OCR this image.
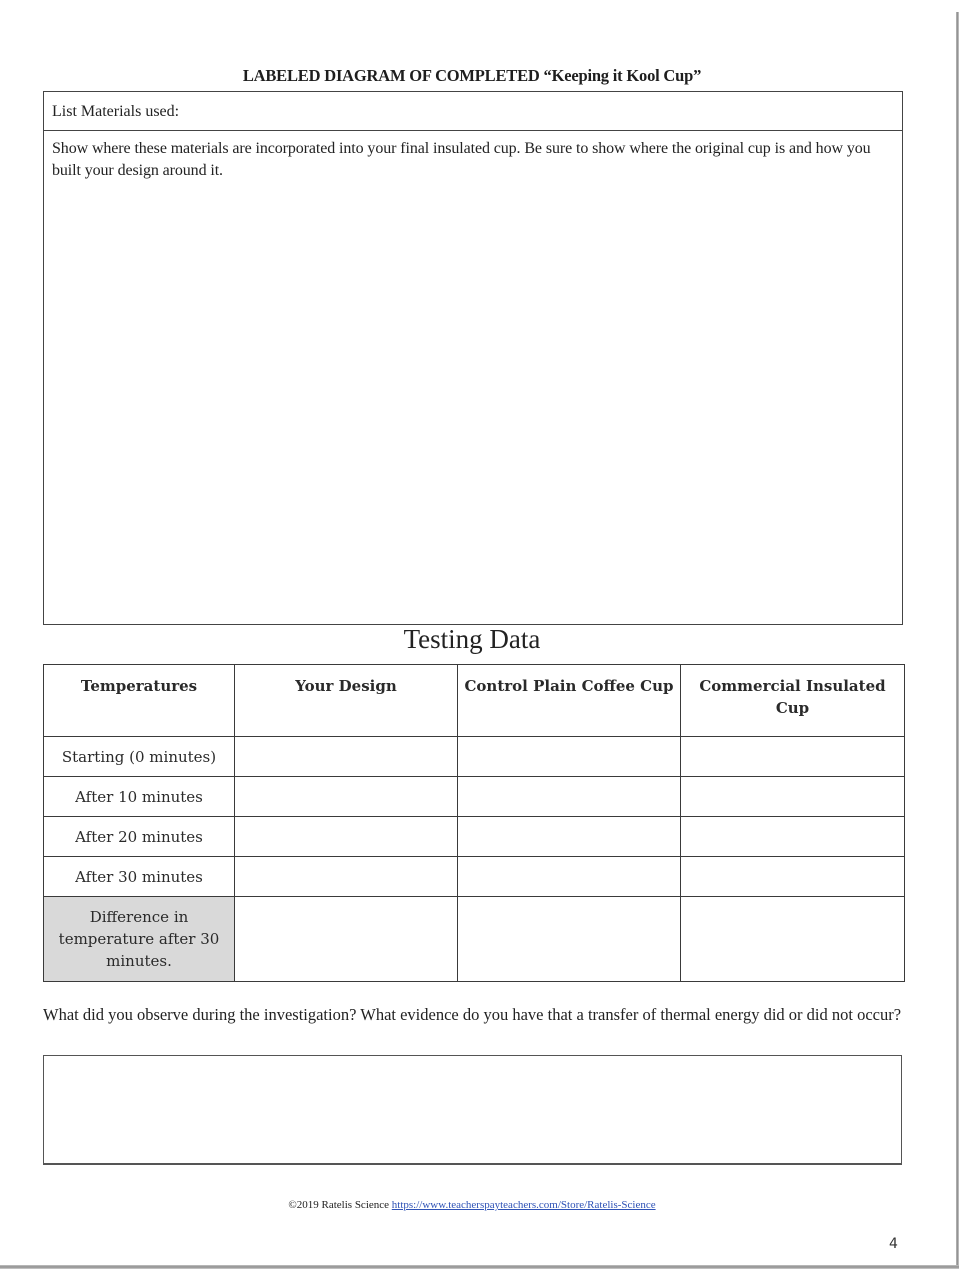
LABELED DIAGRAM OF COMPLETED “Keeping it Kool Cup”
List Materials used:
Show where these materials are incorporated into your final insulated cup. Be sure to show where the original cup is and how you built your design around it.
Testing Data
Temperatures	Your Design	Control Plain Coffee Cup	Commercial Insulated Cup
Starting (0 minutes)			
After 10 minutes			
After 20 minutes			
After 30 minutes			
Difference in temperature after 30 minutes.			
What did you observe during the investigation? What evidence do you have that a transfer of thermal energy did or did not occur?
©2019 Ratelis Science https://www.teacherspayteachers.com/Store/Ratelis-Science
4
